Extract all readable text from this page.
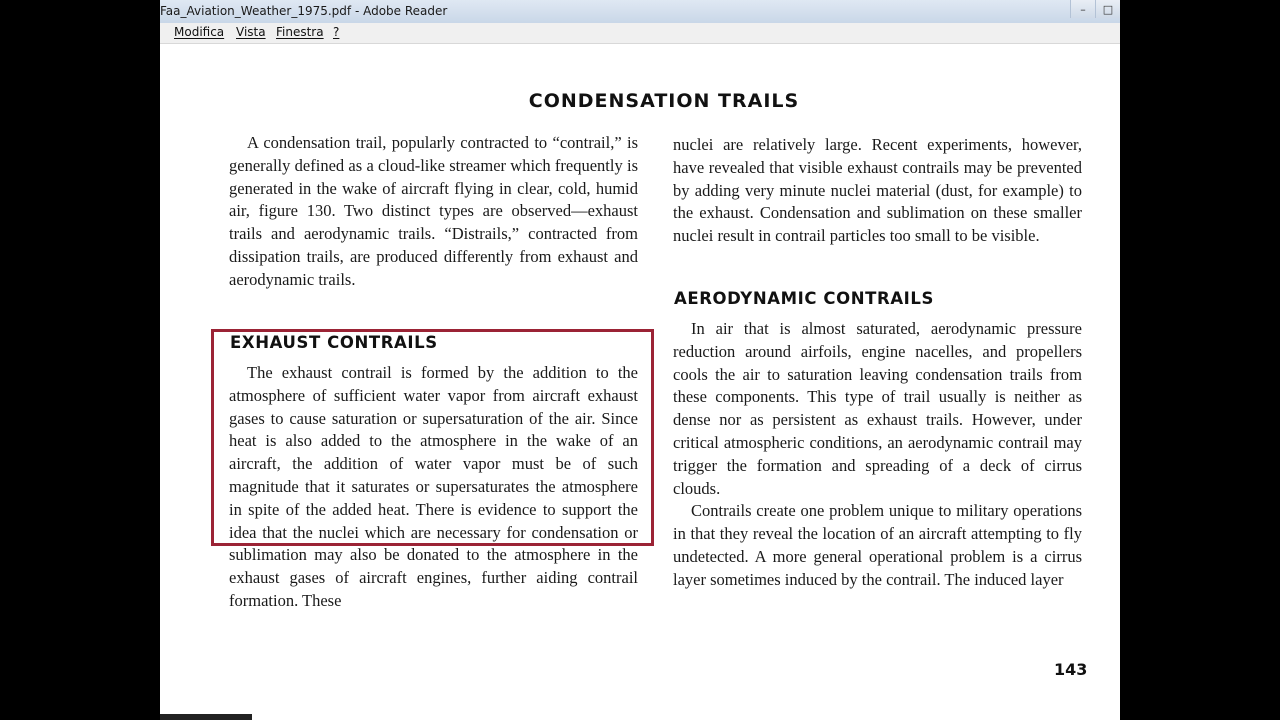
Faa_Aviation_Weather_1975.pdf - Adobe Reader	–	□
Modifica Vista Finestra ?
CONDENSATION TRAILS

A condensation trail, popularly contracted to “contrail,” is generally defined as a cloud-like streamer which frequently is generated in the wake of aircraft flying in clear, cold, humid air, figure 130. Two distinct types are observed—exhaust trails and aerodynamic trails. “Distrails,” contracted from dissipation trails, are produced differently from exhaust and aerodynamic trails.

EXHAUST CONTRAILS

The exhaust contrail is formed by the addition to the atmosphere of sufficient water vapor from aircraft exhaust gases to cause saturation or supersaturation of the air. Since heat is also added to the atmosphere in the wake of an aircraft, the addition of water vapor must be of such magnitude that it saturates or supersaturates the atmosphere in spite of the added heat. There is evidence to support the idea that the nuclei which are necessary for condensation or sublimation may also be donated to the atmosphere in the exhaust gases of aircraft engines, further aiding contrail formation. These

nuclei are relatively large. Recent experiments, however, have revealed that visible exhaust contrails may be prevented by adding very minute nuclei material (dust, for example) to the exhaust. Condensation and sublimation on these smaller nuclei result in contrail particles too small to be visible.

AERODYNAMIC CONTRAILS

In air that is almost saturated, aerodynamic pressure reduction around airfoils, engine nacelles, and propellers cools the air to saturation leaving condensation trails from these components. This type of trail usually is neither as dense nor as persistent as exhaust trails. However, under critical atmospheric conditions, an aerodynamic contrail may trigger the formation and spreading of a deck of cirrus clouds.

Contrails create one problem unique to military operations in that they reveal the location of an aircraft attempting to fly undetected. A more general operational problem is a cirrus layer sometimes induced by the contrail. The induced layer

143
